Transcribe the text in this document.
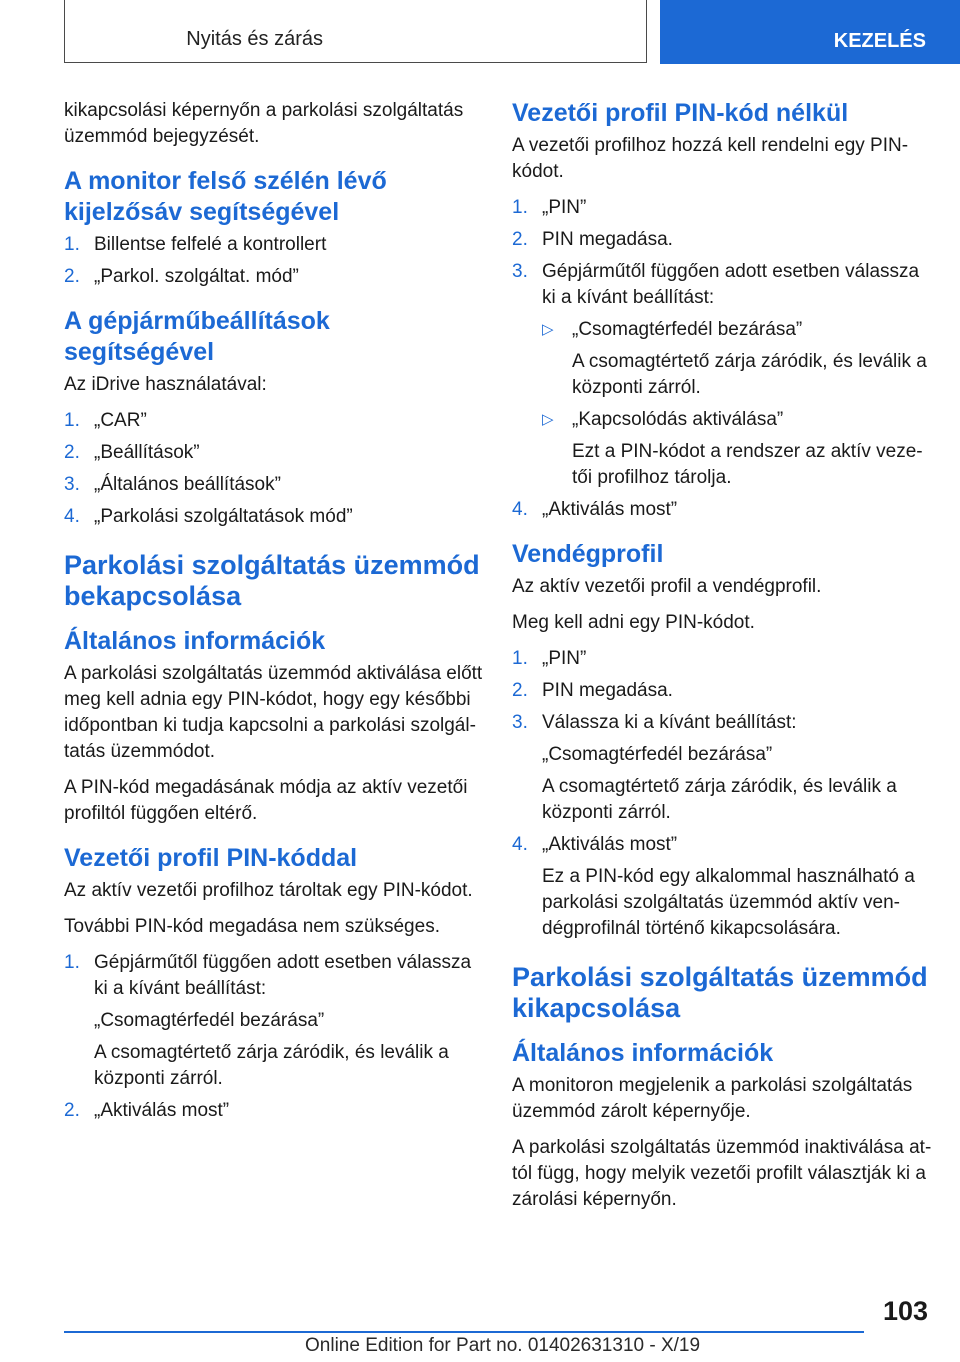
Nyitás és zárás	KEZELÉS

kikapcsolási képernyőn a parkolási szolgáltatás üzemmód bejegyzését.

A monitor felső szélén lévő kijelzősáv segítségével
1. Billentse felfelé a kontrollert
2. „Parkol. szolgáltat. mód”
A gépjárműbeállítások segítségével

Az iDrive használatával:

1. „CAR”
2. „Beállítások”
3. „Általános beállítások”
4. „Parkolási szolgáltatások mód”
Parkolási szolgáltatás üzemmód bekapcsolása
Általános információk

A parkolási szolgáltatás üzemmód aktiválása előtt meg kell adnia egy PIN-kódot, hogy egy későbbi időpontban ki tudja kapcsolni a parkolási szolgáltatás üzemmódot.

A PIN-kód megadásának módja az aktív vezetői profiltól függően eltérő.

Vezetői profil PIN-kóddal

Az aktív vezetői profilhoz tároltak egy PIN-kódot.

További PIN-kód megadása nem szükséges.

1. Gépjárműtől függően adott esetben válassza ki a kívánt beállítást:
„Csomagtérfedél bezárása”
A csomagtértető zárja záródik, és leválik a központi zárról.
2. „Aktiválás most”
Vezetői profil PIN-kód nélkül

A vezetői profilhoz hozzá kell rendelni egy PIN-kódot.

1. „PIN”
2. PIN megadása.
3. Gépjárműtől függően adott esetben válassza ki a kívánt beállítást:
▷ „Csomagtérfedél bezárása”
A csomagtértető zárja záródik, és leválik a központi zárról.
▷ „Kapcsolódás aktiválása”
Ezt a PIN-kódot a rendszer az aktív vezetői profilhoz tárolja.
4. „Aktiválás most”
Vendégprofil

Az aktív vezetői profil a vendégprofil.

Meg kell adni egy PIN-kódot.

1. „PIN”
2. PIN megadása.
3. Válassza ki a kívánt beállítást:
„Csomagtérfedél bezárása”
A csomagtértető zárja záródik, és leválik a központi zárról.
4. „Aktiválás most”
Ez a PIN-kód egy alkalommal használható a parkolási szolgáltatás üzemmód aktív vendégprofilnál történő kikapcsolására.
Parkolási szolgáltatás üzemmód kikapcsolása
Általános információk

A monitoron megjelenik a parkolási szolgáltatás üzemmód zárolt képernyője.

A parkolási szolgáltatás üzemmód inaktiválása attól függ, hogy melyik vezetői profilt választják ki a zárolási képernyőn.

103
Online Edition for Part no. 01402631310 - X/19
